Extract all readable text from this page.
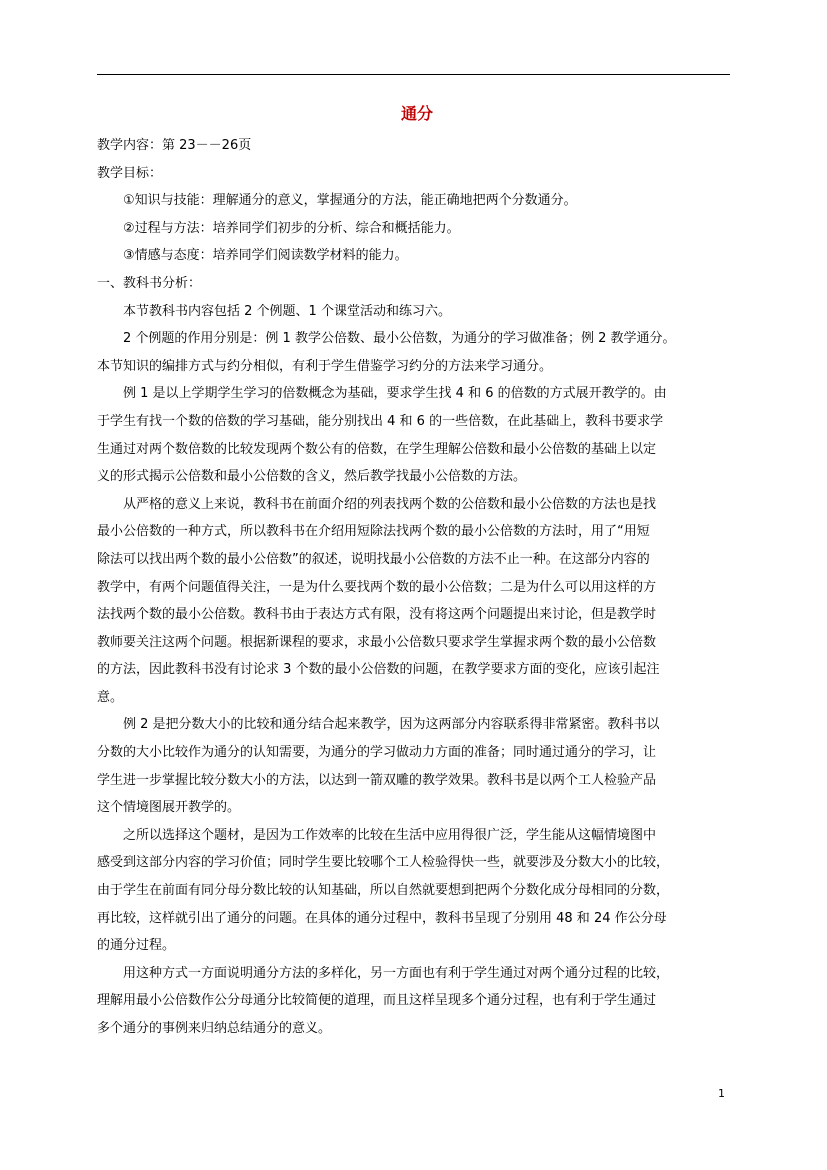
通分

教学内容：第 23－－26页

教学目标：

①知识与技能：理解通分的意义，掌握通分的方法，能正确地把两个分数通分。

②过程与方法：培养同学们初步的分析、综合和概括能力。

③情感与态度：培养同学们阅读数学材料的能力。

一、教科书分析：

本节教科书内容包括 2 个例题、1 个课堂活动和练习六。

2 个例题的作用分别是：例 1 教学公倍数、最小公倍数，为通分的学习做准备；例 2 教学通分。
本节知识的编排方式与约分相似，有利于学生借鉴学习约分的方法来学习通分。

例 1 是以上学期学生学习的倍数概念为基础，要求学生找 4 和 6 的倍数的方式展开教学的。由
于学生有找一个数的倍数的学习基础，能分别找出 4 和 6 的一些倍数，在此基础上，教科书要求学
生通过对两个数倍数的比较发现两个数公有的倍数，在学生理解公倍数和最小公倍数的基础上以定
义的形式揭示公倍数和最小公倍数的含义，然后教学找最小公倍数的方法。

从严格的意义上来说，教科书在前面介绍的列表找两个数的公倍数和最小公倍数的方法也是找
最小公倍数的一种方式，所以教科书在介绍用短除法找两个数的最小公倍数的方法时，用了“用短
除法可以找出两个数的最小公倍数”的叙述，说明找最小公倍数的方法不止一种。在这部分内容的
教学中，有两个问题值得关注，一是为什么要找两个数的最小公倍数；二是为什么可以用这样的方
法找两个数的最小公倍数。教科书由于表达方式有限，没有将这两个问题提出来讨论，但是教学时
教师要关注这两个问题。根据新课程的要求，求最小公倍数只要求学生掌握求两个数的最小公倍数
的方法，因此教科书没有讨论求 3 个数的最小公倍数的问题，在教学要求方面的变化，应该引起注
意。

例 2 是把分数大小的比较和通分结合起来教学，因为这两部分内容联系得非常紧密。教科书以
分数的大小比较作为通分的认知需要，为通分的学习做动力方面的准备；同时通过通分的学习，让
学生进一步掌握比较分数大小的方法，以达到一箭双雕的教学效果。教科书是以两个工人检验产品
这个情境图展开教学的。

之所以选择这个题材，是因为工作效率的比较在生活中应用得很广泛，学生能从这幅情境图中
感受到这部分内容的学习价值；同时学生要比较哪个工人检验得快一些，就要涉及分数大小的比较，
由于学生在前面有同分母分数比较的认知基础，所以自然就要想到把两个分数化成分母相同的分数，
再比较，这样就引出了通分的问题。在具体的通分过程中，教科书呈现了分别用 48 和 24 作公分母
的通分过程。

用这种方式一方面说明通分方法的多样化，另一方面也有利于学生通过对两个通分过程的比较，
理解用最小公倍数作公分母通分比较简便的道理，而且这样呈现多个通分过程，也有利于学生通过
多个通分的事例来归纳总结通分的意义。

1
